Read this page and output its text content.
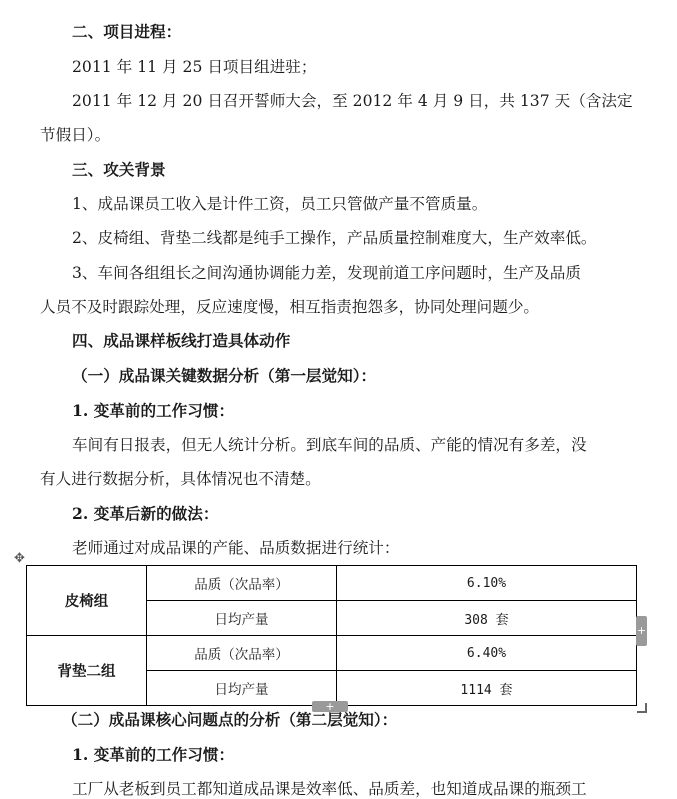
二、项目进程：

2011 年 11 月 25 日项目组进驻；

2011 年 12 月 20 日召开誓师大会，至 2012 年 4 月 9 日，共 137 天（含法定

节假日）。

三、攻关背景

1、成品课员工收入是计件工资，员工只管做产量不管质量。

2、皮椅组、背垫二线都是纯手工操作，产品质量控制难度大，生产效率低。

3、车间各组组长之间沟通协调能力差，发现前道工序问题时，生产及品质

人员不及时跟踪处理，反应速度慢，相互指责抱怨多，协同处理问题少。

四、成品课样板线打造具体动作

（一）成品课关键数据分析（第一层觉知）：

1. 变革前的工作习惯：

车间有日报表，但无人统计分析。到底车间的品质、产能的情况有多差，没

有人进行数据分析，具体情况也不清楚。

2. 变革后新的做法：

老师通过对成品课的产能、品质数据进行统计：

✥
皮椅组	品质（次品率）	6.10%
	日均产量	308 套
背垫二组	品质（次品率）	6.40%
	日均产量	1114 套
+
+

（二）成品课核心问题点的分析（第二层觉知）：

1. 变革前的工作习惯：

工厂从老板到员工都知道成品课是效率低、品质差，也知道成品课的瓶颈工
